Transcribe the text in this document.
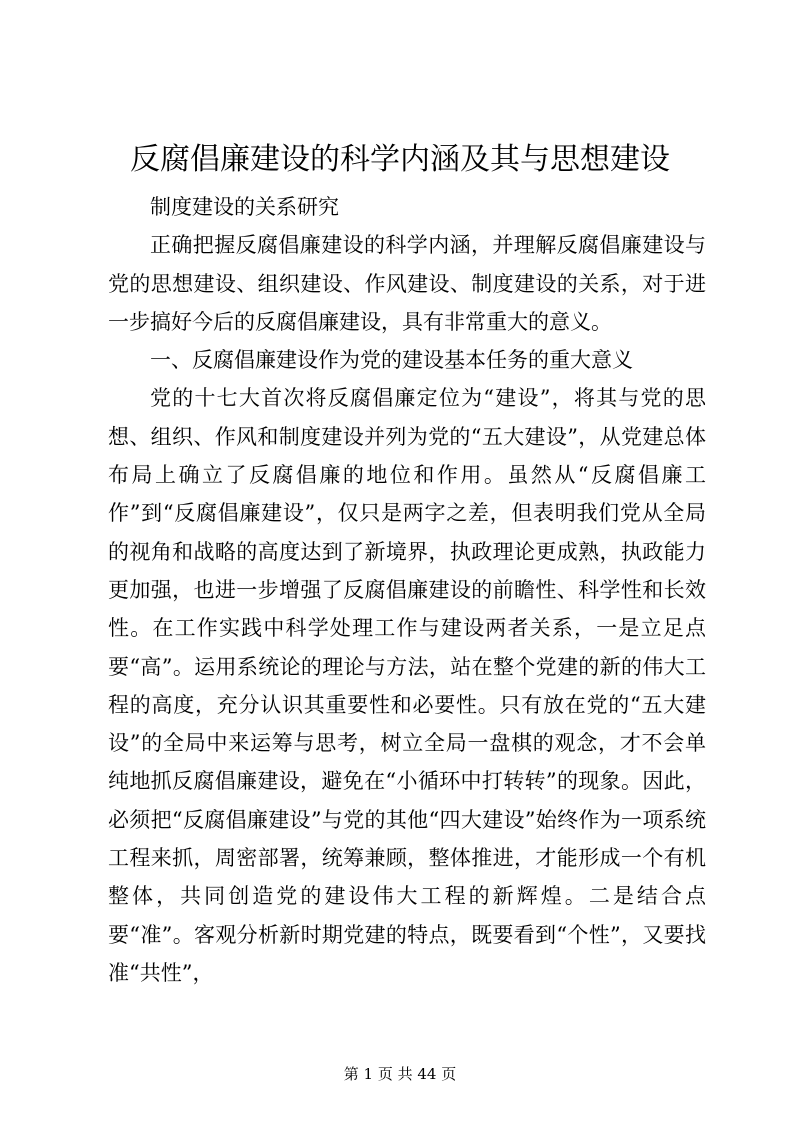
反腐倡廉建设的科学内涵及其与思想建设

制度建设的关系研究

正确把握反腐倡廉建设的科学内涵，并理解反腐倡廉建设与党的思想建设、组织建设、作风建设、制度建设的关系，对于进一步搞好今后的反腐倡廉建设，具有非常重大的意义。

一、反腐倡廉建设作为党的建设基本任务的重大意义

党的十七大首次将反腐倡廉定位为“建设”，将其与党的思想、组织、作风和制度建设并列为党的“五大建设”，从党建总体布局上确立了反腐倡廉的地位和作用。虽然从“反腐倡廉工作”到“反腐倡廉建设”，仅只是两字之差，但表明我们党从全局的视角和战略的高度达到了新境界，执政理论更成熟，执政能力更加强，也进一步增强了反腐倡廉建设的前瞻性、科学性和长效性。在工作实践中科学处理工作与建设两者关系，一是立足点要“高”。运用系统论的理论与方法，站在整个党建的新的伟大工程的高度，充分认识其重要性和必要性。只有放在党的“五大建设”的全局中来运筹与思考，树立全局一盘棋的观念，才不会单纯地抓反腐倡廉建设，避免在“小循环中打转转”的现象。因此，必须把“反腐倡廉建设”与党的其他“四大建设”始终作为一项系统工程来抓，周密部署，统筹兼顾，整体推进，才能形成一个有机整体，共同创造党的建设伟大工程的新辉煌。二是结合点要“准”。客观分析新时期党建的特点，既要看到“个性”，又要找准“共性”，

第 1 页 共 44 页
